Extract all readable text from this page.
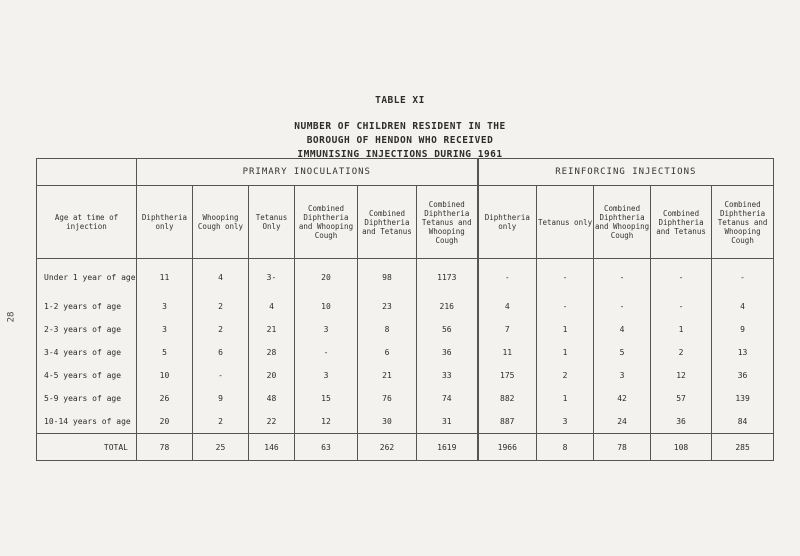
28
TABLE XI
NUMBER OF CHILDREN RESIDENT IN THE
BOROUGH OF HENDON WHO RECEIVED
IMMUNISING INJECTIONS DURING 1961
	PRIMARY INOCULATIONS						REINFORCING INJECTIONS				
Age at time of injection	Diphtheria only	Whooping Cough only	Tetanus Only	Combined Diphtheria and Whooping Cough	Combined Diphtheria and Tetanus	Combined Diphtheria Tetanus and Whooping Cough	Diphtheria only	Tetanus only	Combined Diphtheria and Whooping Cough	Combined Diphtheria and Tetanus	Combined Diphtheria Tetanus and Whooping Cough
Under 1 year of age	11	4	3-	20	98	1173	-	-	-	-	-
1-2 years of age	3	2	4	10	23	216	4	-	-	-	4
2-3 years of age	3	2	21	3	8	56	7	1	4	1	9
3-4 years of age	5	6	28	-	6	36	11	1	5	2	13
4-5 years of age	10	-	20	3	21	33	175	2	3	12	36
5-9 years of age	26	9	48	15	76	74	882	1	42	57	139
10-14 years of age	20	2	22	12	30	31	887	3	24	36	84
TOTAL	78	25	146	63	262	1619	1966	8	78	108	285
